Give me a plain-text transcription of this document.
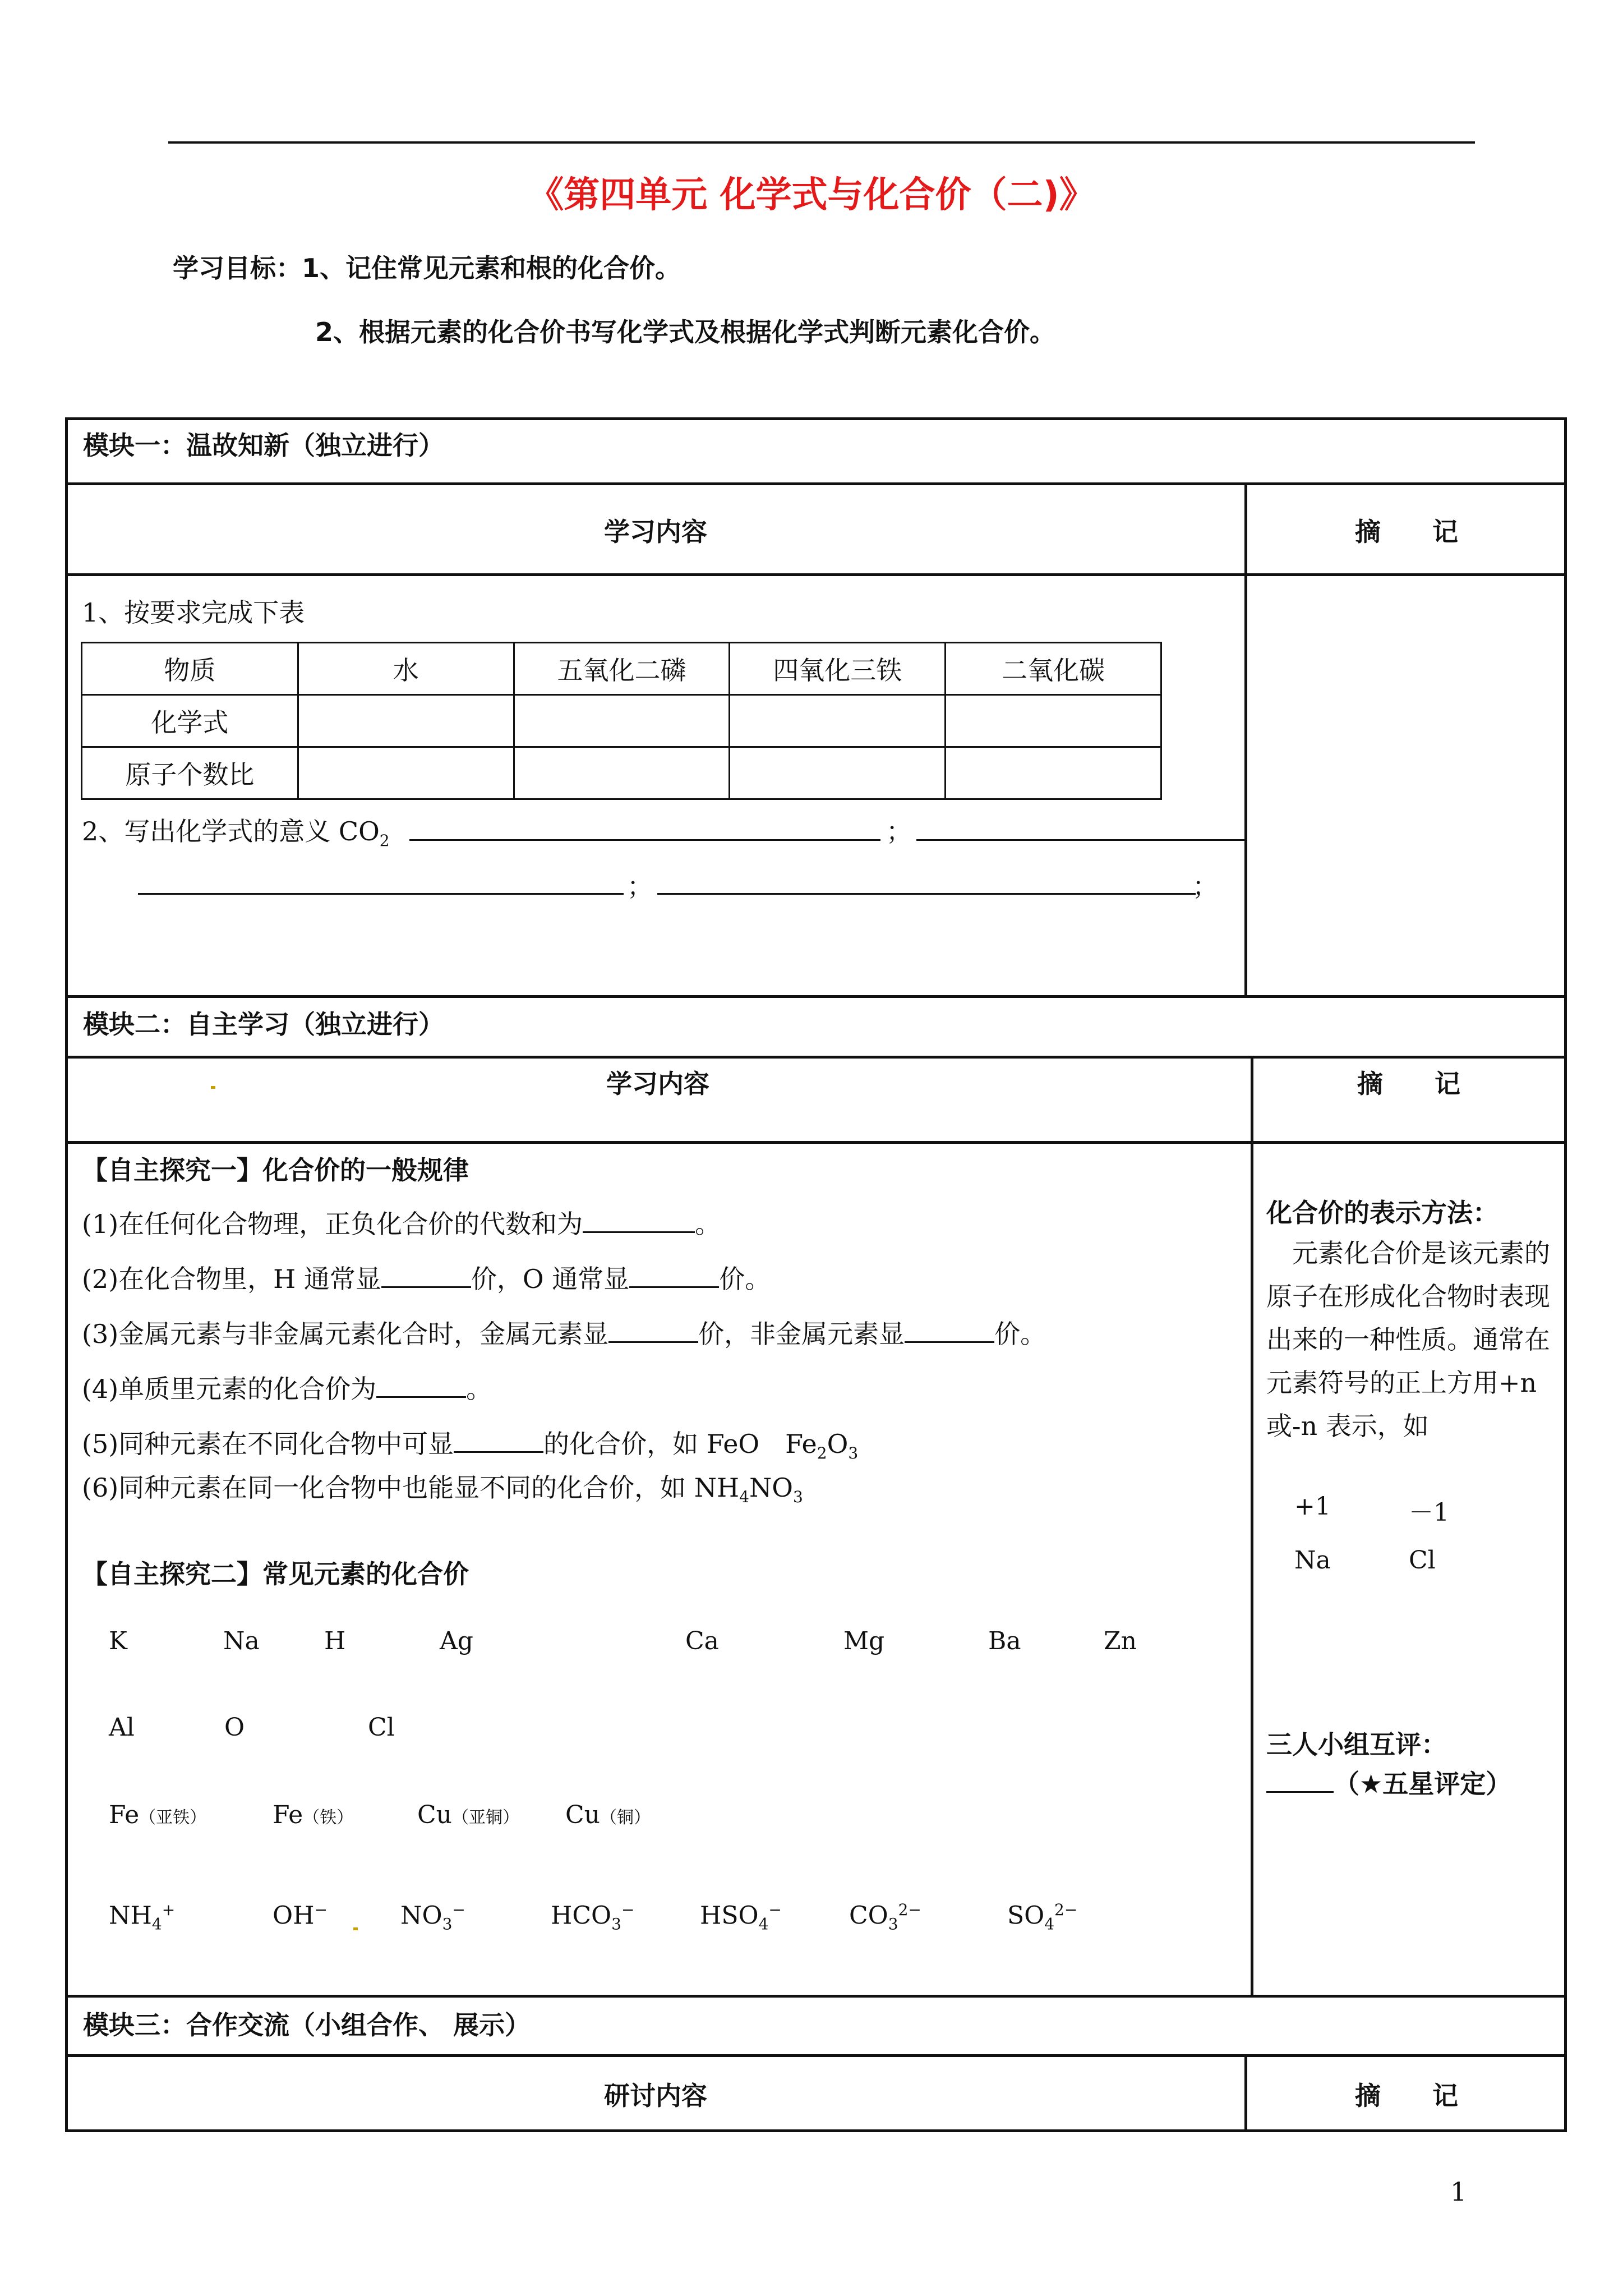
《第四单元 化学式与化合价（二)》
学习目标：1、记住常见元素和根的化合价。
2、根据元素的化合价书写化学式及根据化学式判断元素化合价。
模块一：温故知新（独立进行）
学习内容	摘　　记
1、按要求完成下表
物质	水	五氧化二磷	四氧化三铁	二氧化碳
化学式				
原子个数比				
2、写出化学式的意义 $CO_2$	；
；	；
模块二：自主学习（独立进行）
学习内容	摘　　记
【自主探究一】化合价的一般规律
(1)在任何化合物理，正负化合价的代数和为	。
(2)在化合物里，H 通常显	价，O 通常显	价。
(3)金属元素与非金属元素化合时，金属元素显	价，非金属元素显	价。
(4)单质里元素的化合价为	。
(5)同种元素在不同化合物中可显	的化合价，如 FeO　$Fe_2O_3$
(6)同种元素在同一化合物中也能显不同的化合价，如 $NH_4NO_3$
【自主探究二】常见元素的化合价
K	Na	H	Ag	Ca	Mg	Ba	Zn
Al	O	Cl
Fe（亚铁）	Fe（铁）	Cu（亚铜） Cu（铜）
$NH_4^+$	OH−	$NO_3^-$	$HCO_3^-$	$HSO_4^-$	$CO_3^{2-}$	$SO_4^{2-}$
化合价的表示方法：
　元素化合价是该元素的原子在形成化合物时表现出来的一种性质。通常在元素符号的正上方用+n或-n 表示，如
+1	－1
Na	Cl
三人小组互评：
（★五星评定）
模块三：合作交流（小组合作、 展示）
研讨内容	摘　　记
1
